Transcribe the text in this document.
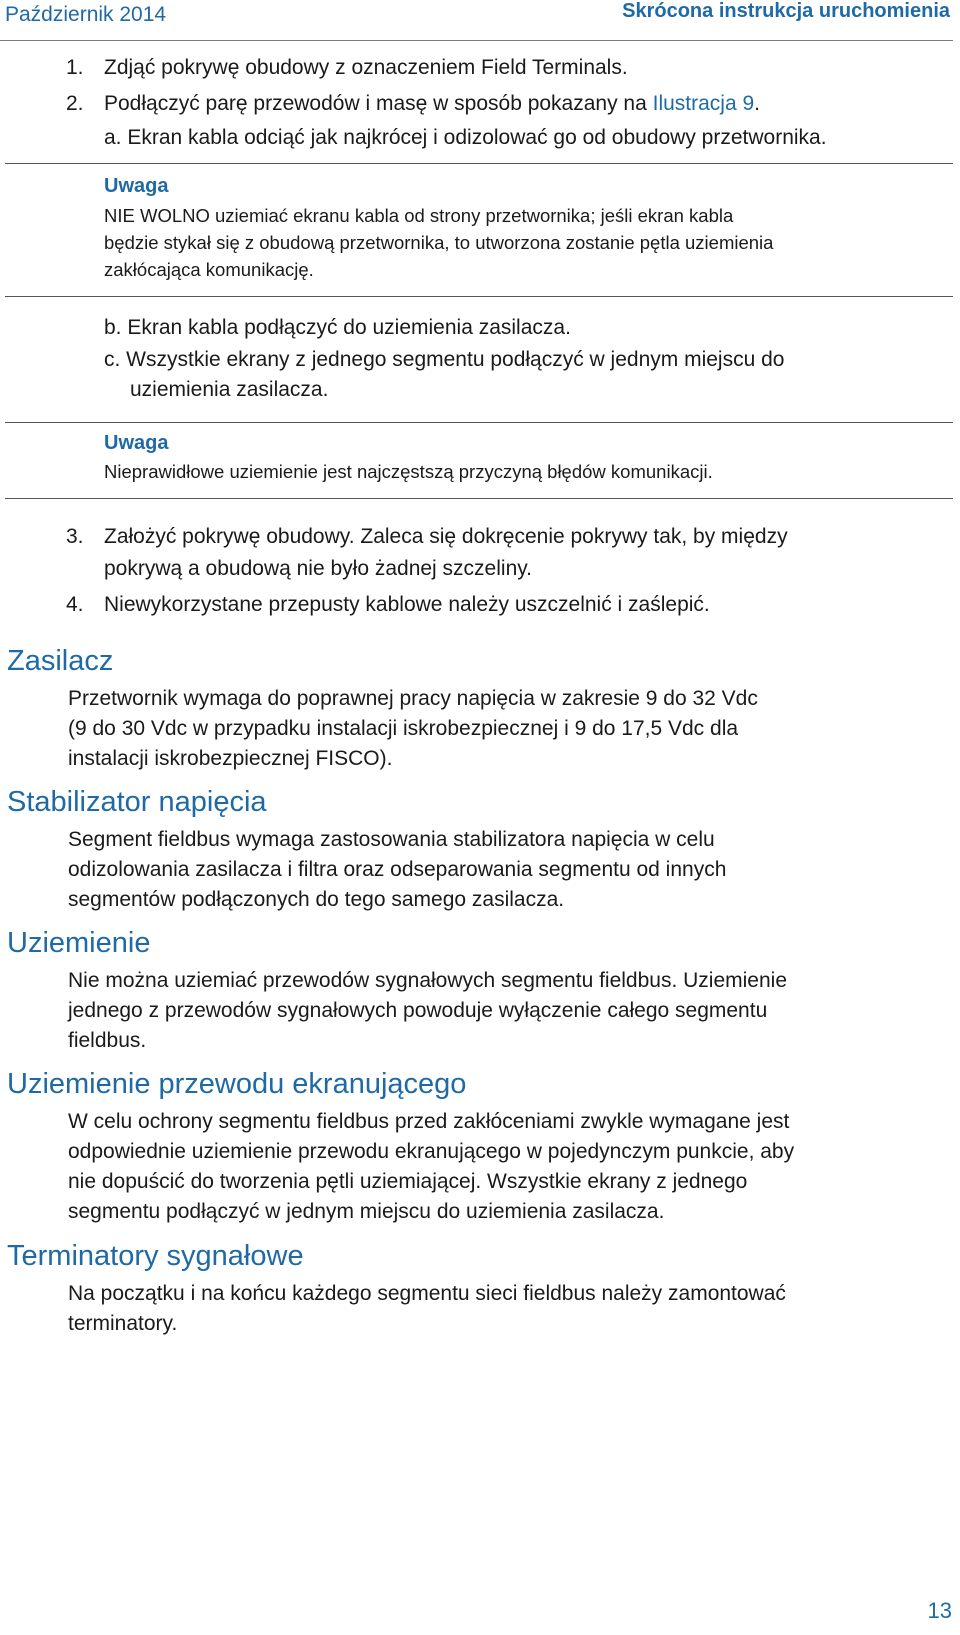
Październik 2014	Skrócona instrukcja uruchomienia
1. Zdjąć pokrywę obudowy z oznaczeniem Field Terminals.
2. Podłączyć parę przewodów i masę w sposób pokazany na Ilustracja 9.
a. Ekran kabla odciąć jak najkrócej i odizolować go od obudowy przetwornika.
Uwaga
NIE WOLNO uziemiać ekranu kabla od strony przetwornika; jeśli ekran kabla
będzie stykał się z obudową przetwornika, to utworzona zostanie pętla uziemienia
zakłócająca komunikację.
b. Ekran kabla podłączyć do uziemienia zasilacza.
c. Wszystkie ekrany z jednego segmentu podłączyć w jednym miejscu do
uziemienia zasilacza.
Uwaga
Nieprawidłowe uziemienie jest najczęstszą przyczyną błędów komunikacji.
3. Założyć pokrywę obudowy. Zaleca się dokręcenie pokrywy tak, by między
pokrywą a obudową nie było żadnej szczeliny.
4. Niewykorzystane przepusty kablowe należy uszczelnić i zaślepić.
Zasilacz
Przetwornik wymaga do poprawnej pracy napięcia w zakresie 9 do 32 Vdc
(9 do 30 Vdc w przypadku instalacji iskrobezpiecznej i 9 do 17,5 Vdc dla
instalacji iskrobezpiecznej FISCO).
Stabilizator napięcia
Segment fieldbus wymaga zastosowania stabilizatora napięcia w celu
odizolowania zasilacza i filtra oraz odseparowania segmentu od innych
segmentów podłączonych do tego samego zasilacza.
Uziemienie
Nie można uziemiać przewodów sygnałowych segmentu fieldbus. Uziemienie
jednego z przewodów sygnałowych powoduje wyłączenie całego segmentu
fieldbus.
Uziemienie przewodu ekranującego
W celu ochrony segmentu fieldbus przed zakłóceniami zwykle wymagane jest
odpowiednie uziemienie przewodu ekranującego w pojedynczym punkcie, aby
nie dopuścić do tworzenia pętli uziemiającej. Wszystkie ekrany z jednego
segmentu podłączyć w jednym miejscu do uziemienia zasilacza.
Terminatory sygnałowe
Na początku i na końcu każdego segmentu sieci fieldbus należy zamontować
terminatory.
13
